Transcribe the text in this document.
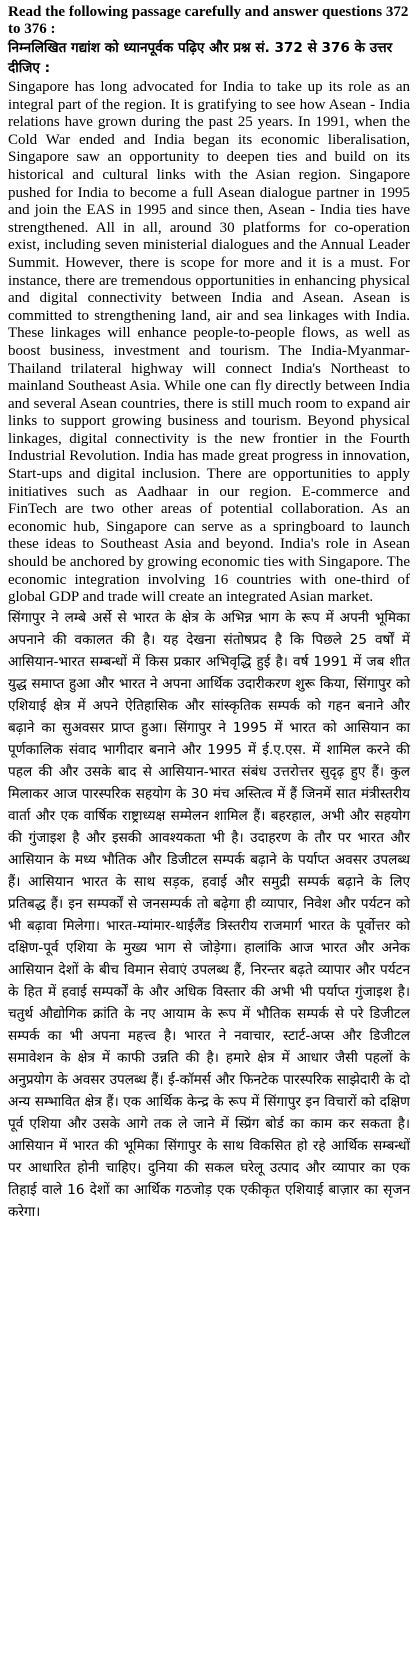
Read the following passage carefully and answer questions 372 to 376 :

निम्नलिखित गद्यांश को ध्यानपूर्वक पढ़िए और प्रश्न सं. 372 से 376 के उत्तर दीजिए :

Singapore has long advocated for India to take up its role as an integral part of the region. It is gratifying to see how Asean - India relations have grown during the past 25 years. In 1991, when the Cold War ended and India began its economic liberalisation, Singapore saw an opportunity to deepen ties and build on its historical and cultural links with the Asian region. Singapore pushed for India to become a full Asean dialogue partner in 1995 and join the EAS in 1995 and since then, Asean - India ties have strengthened. All in all, around 30 platforms for co-operation exist, including seven ministerial dialogues and the Annual Leader Summit. However, there is scope for more and it is a must. For instance, there are tremendous opportunities in enhancing physical and digital connectivity between India and Asean. Asean is committed to strengthening land, air and sea linkages with India. These linkages will enhance people-to-people flows, as well as boost business, investment and tourism. The India-Myanmar-Thailand trilateral highway will connect India's Northeast to mainland Southeast Asia. While one can fly directly between India and several Asean countries, there is still much room to expand air links to support growing business and tourism. Beyond physical linkages, digital connectivity is the new frontier in the Fourth Industrial Revolution. India has made great progress in innovation, Start-ups and digital inclusion. There are opportunities to apply initiatives such as Aadhaar in our region. E-commerce and FinTech are two other areas of potential collaboration. As an economic hub, Singapore can serve as a springboard to launch these ideas to Southeast Asia and beyond. India's role in Asean should be anchored by growing economic ties with Singapore. The economic integration involving 16 countries with one-third of global GDP and trade will create an integrated Asian market.

सिंगापुर ने लम्बे अर्से से भारत के क्षेत्र के अभिन्न भाग के रूप में अपनी भूमिका अपनाने की वकालत की है। यह देखना संतोषप्रद है कि पिछले 25 वर्षों में आसियान-भारत सम्बन्धों में किस प्रकार अभिवृद्धि हुई है। वर्ष 1991 में जब शीत युद्ध समाप्त हुआ और भारत ने अपना आर्थिक उदारीकरण शुरू किया, सिंगापुर को एशियाई क्षेत्र में अपने ऐतिहासिक और सांस्कृतिक सम्पर्क को गहन बनाने और बढ़ाने का सुअवसर प्राप्त हुआ। सिंगापुर ने 1995 में भारत को आसियान का पूर्णकालिक संवाद भागीदार बनाने और 1995 में ई.ए.एस. में शामिल करने की पहल की और उसके बाद से आसियान-भारत संबंध उत्तरोत्तर सुदृढ़ हुए हैं। कुल मिलाकर आज पारस्परिक सहयोग के 30 मंच अस्तित्व में हैं जिनमें सात मंत्रीस्तरीय वार्ता और एक वार्षिक राष्ट्राध्यक्ष सम्मेलन शामिल हैं। बहरहाल, अभी और सहयोग की गुंजाइश है और इसकी आवश्यकता भी है। उदाहरण के तौर पर भारत और आसियान के मध्य भौतिक और डिजीटल सम्पर्क बढ़ाने के पर्याप्त अवसर उपलब्ध हैं। आसियान भारत के साथ सड़क, हवाई और समुद्री सम्पर्क बढ़ाने के लिए प्रतिबद्ध हैं। इन सम्पर्कों से जनसम्पर्क तो बढ़ेगा ही व्यापार, निवेश और पर्यटन को भी बढ़ावा मिलेगा। भारत-म्यांमार-थाईलैंड त्रिस्तरीय राजमार्ग भारत के पूर्वोत्तर को दक्षिण-पूर्व एशिया के मुख्य भाग से जोड़ेगा। हालांकि आज भारत और अनेक आसियान देशों के बीच विमान सेवाएं उपलब्ध हैं, निरन्तर बढ़ते व्यापार और पर्यटन के हित में हवाई सम्पर्कों के और अधिक विस्तार की अभी भी पर्याप्त गुंजाइश है। चतुर्थ औद्योगिक क्रांति के नए आयाम के रूप में भौतिक सम्पर्क से परे डिजीटल सम्पर्क का भी अपना महत्त्व है। भारत ने नवाचार, स्टार्ट-अप्स और डिजीटल समावेशन के क्षेत्र में काफी उन्नति की है। हमारे क्षेत्र में आधार जैसी पहलों के अनुप्रयोग के अवसर उपलब्ध हैं। ई-कॉमर्स और फिनटेक पारस्परिक साझेदारी के दो अन्य सम्भावित क्षेत्र हैं। एक आर्थिक केन्द्र के रूप में सिंगापुर इन विचारों को दक्षिण पूर्व एशिया और उसके आगे तक ले जाने में स्प्रिंग बोर्ड का काम कर सकता है। आसियान में भारत की भूमिका सिंगापुर के साथ विकसित हो रहे आर्थिक सम्बन्धों पर आधारित होनी चाहिए। दुनिया की सकल घरेलू उत्पाद और व्यापार का एक तिहाई वाले 16 देशों का आर्थिक गठजोड़ एक एकीकृत एशियाई बाज़ार का सृजन करेगा।
